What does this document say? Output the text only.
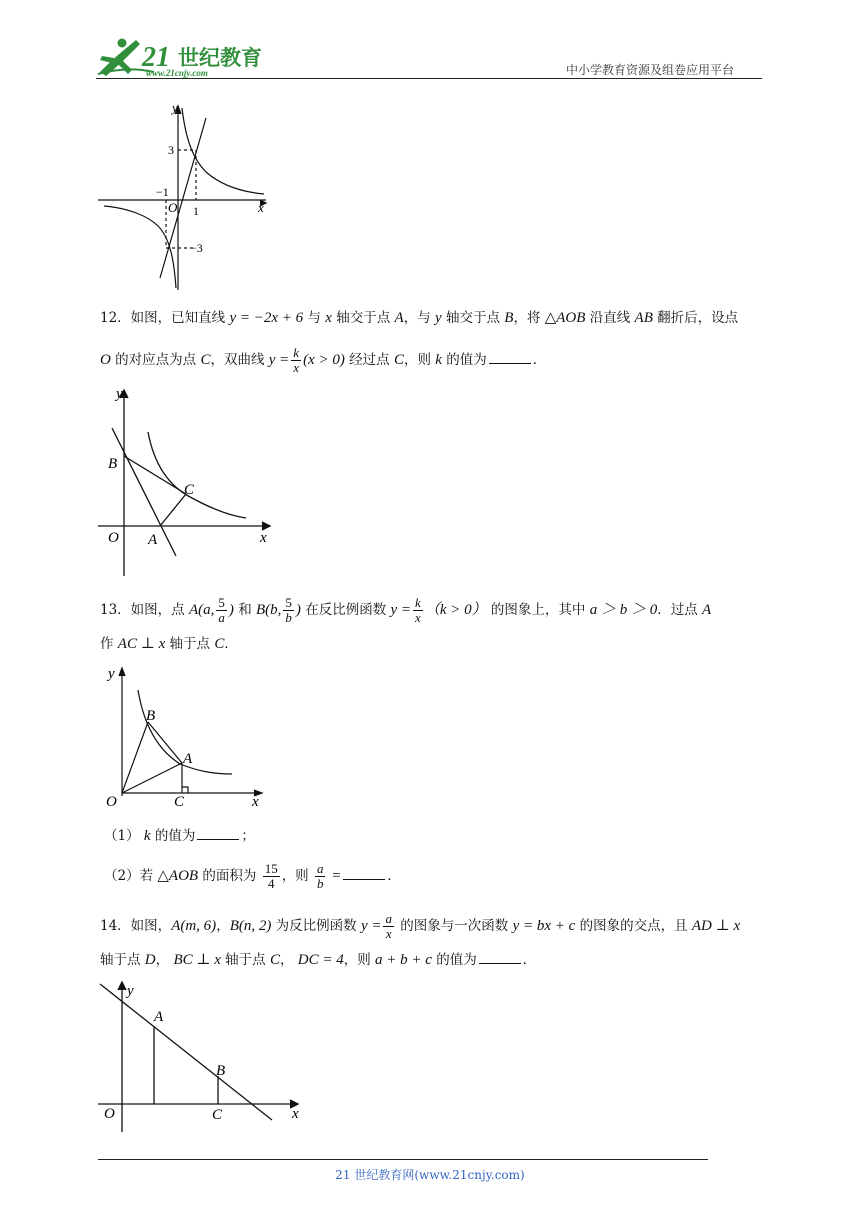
21 世纪教育
www.21cnjy.com	中小学教育资源及组卷应用平台
y
x
3
−1
O 1
−3
12．如图，已知直线 y = −2x + 6 与 x 轴交于点 A，与 y 轴交于点 B，将 △AOB 沿直线 AB 翻折后，设点
O 的对应点为点 C，双曲线 $y = \frac{k}{x} (x > 0)$ 经过点 C，则 k 的值为	．
y
x
B
C
O A
13．如图，点 A(a, $\frac{5}{a}$ ) 和 B(b, $\frac{5}{b}$ ) 在反比例函数 $y = \frac{k}{x} (k > 0)$ 的图象上，其中 a ＞ b ＞ 0．过点 A
作 AC ⊥ x 轴于点 C．
y
x
B
A
O	C
（1） k 的值为	；
（2）若 △AOB 的面积为 $\frac{15}{4}$ ，则 $\frac{a}{b}$ =	．
14．如图，A(m, 6)，B(n, 2) 为反比例函数 $y = \frac{a}{x}$ 的图象与一次函数 y = bx + c 的图象的交点，且 AD ⊥ x
轴于点 D， BC ⊥ x 轴于点 C， DC = 4，则 a + b + c 的值为	．
y
x
A
B
O	C
21 世纪教育网(www.21cnjy.com)
